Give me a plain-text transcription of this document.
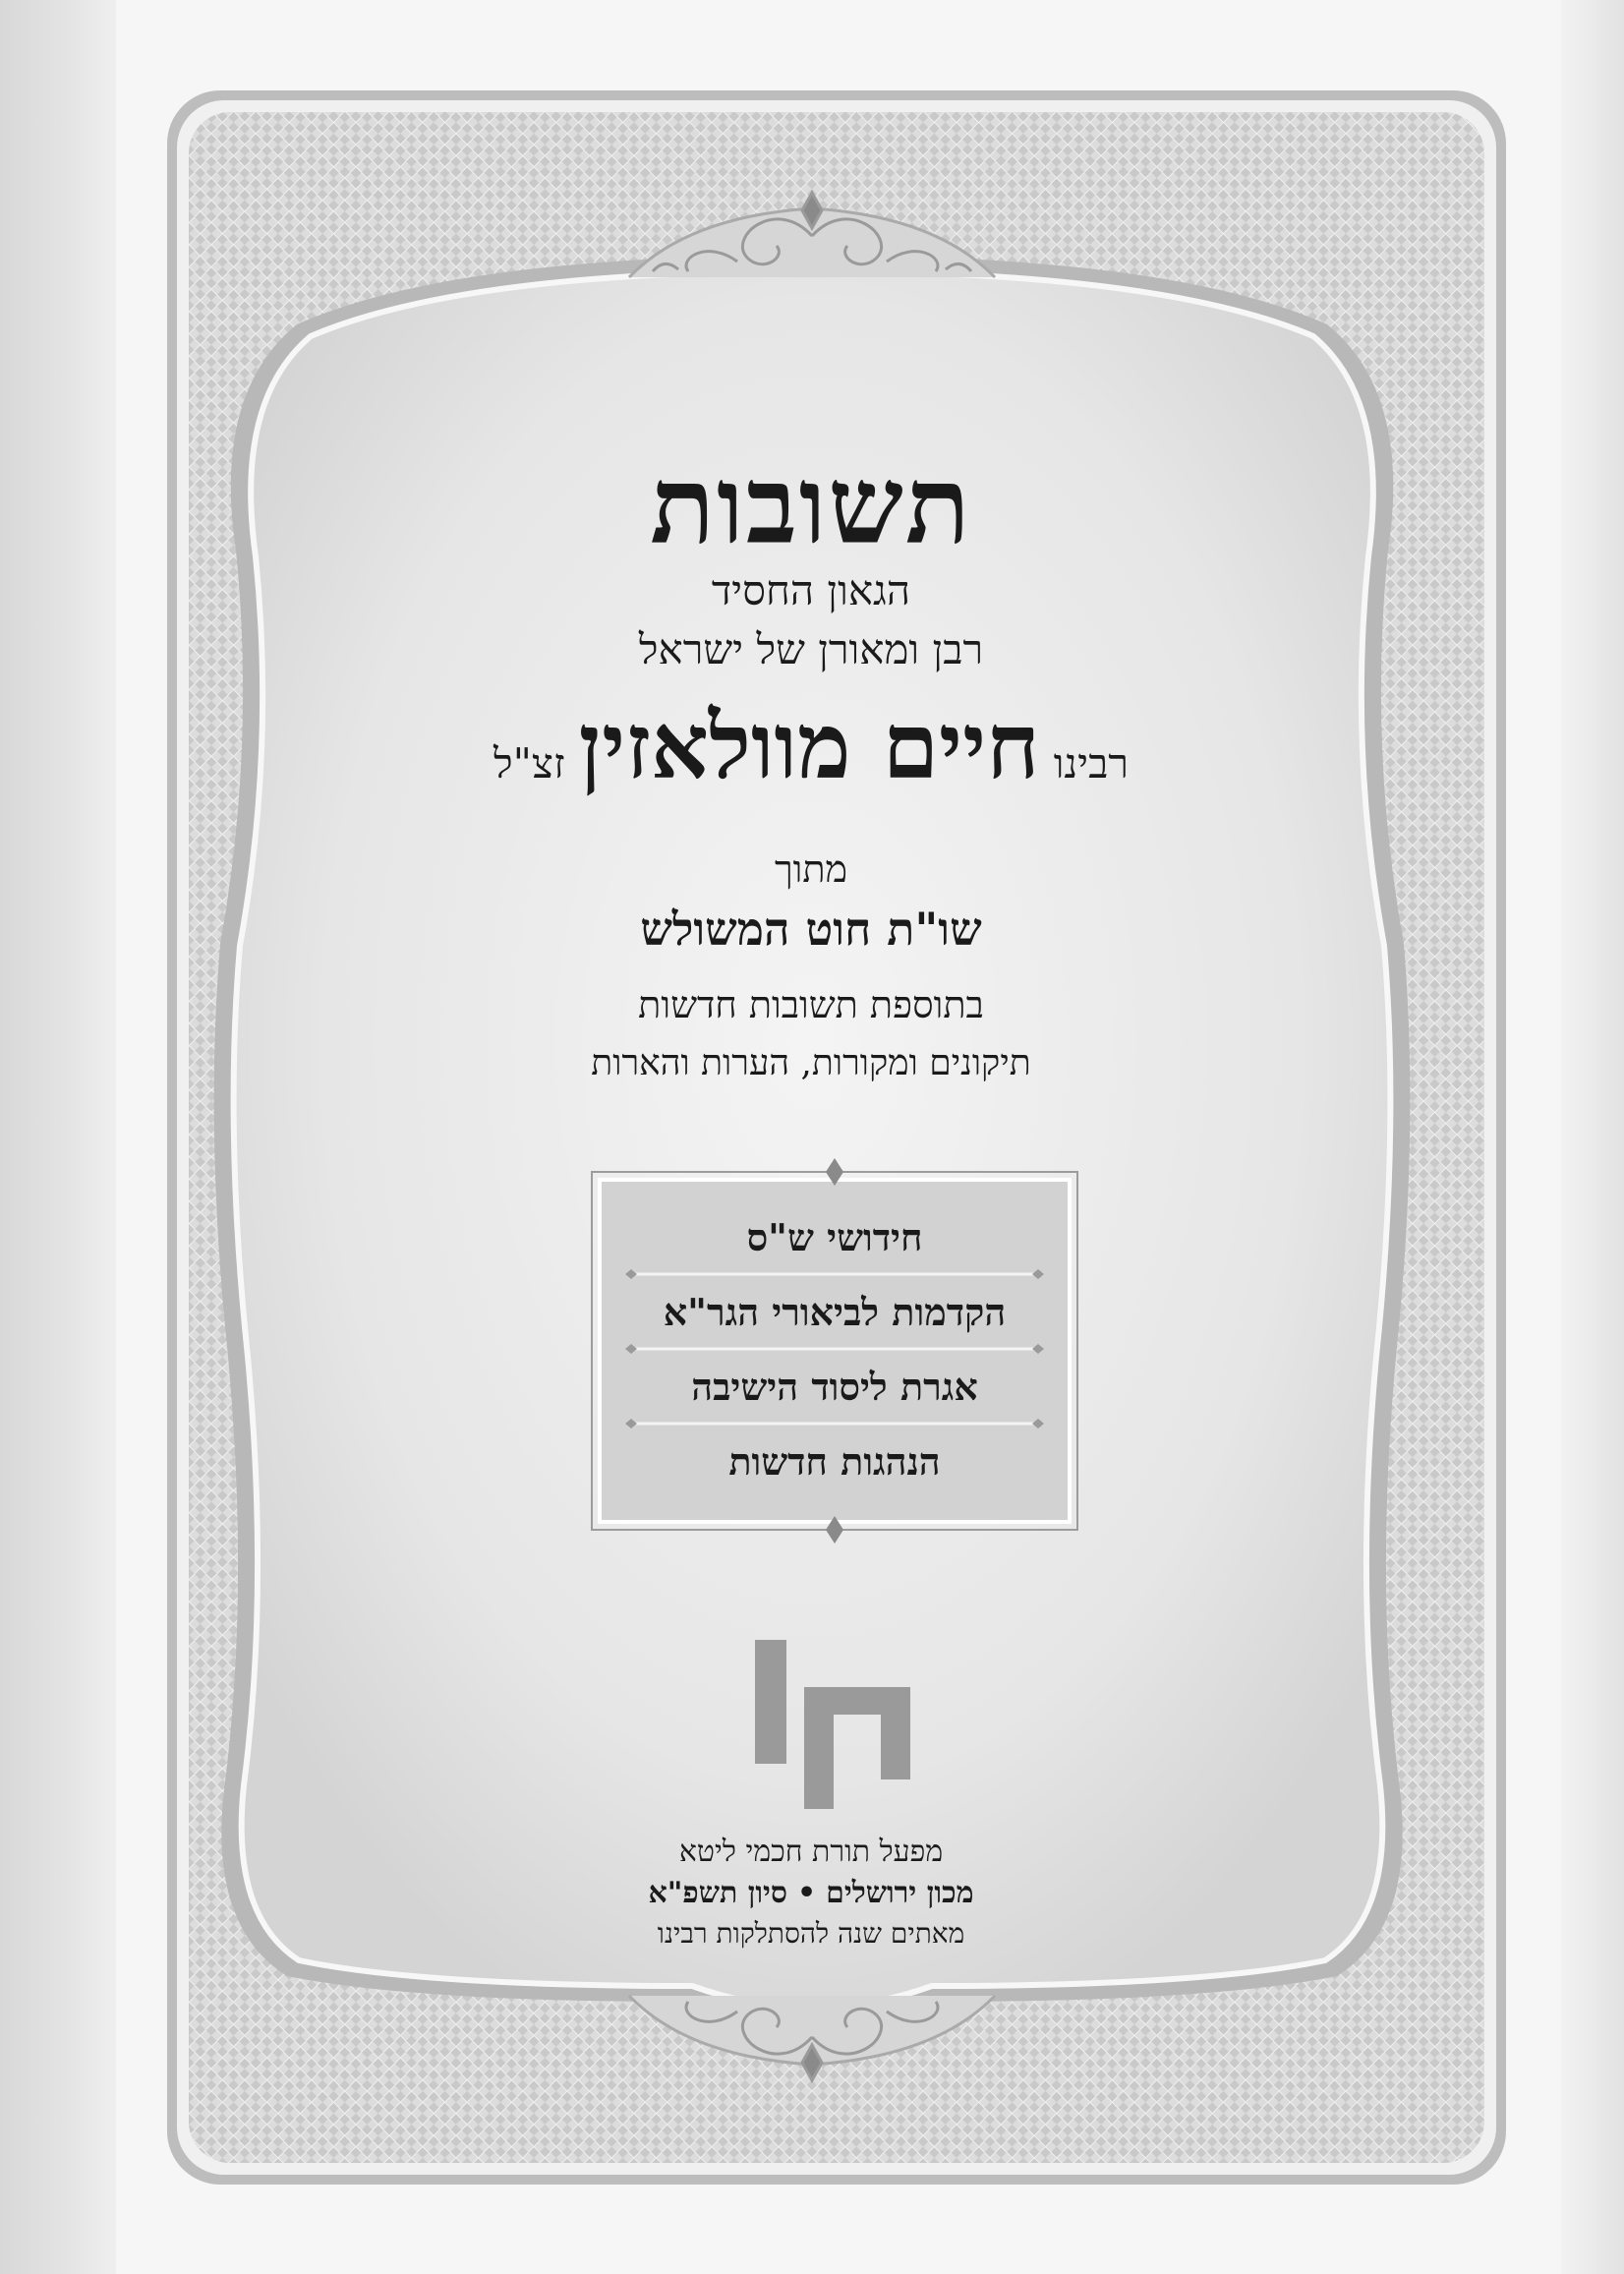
תשובות
הגאון החסיד
רבן ומאורן של ישראל
רבינוחיים מוולאזיןזצ"ל
מתוך
שו"ת חוט המשולש
בתוספת תשובות חדשות
תיקונים ומקורות, הערות והארות
חידושי ש"ס
הקדמות לביאורי הגר"א
אגרת ליסוד הישיבה
הנהגות חדשות
מפעל תורת חכמי ליטא
מכון ירושלים•סיון תשפ"א
מאתים שנה להסתלקות רבינו
